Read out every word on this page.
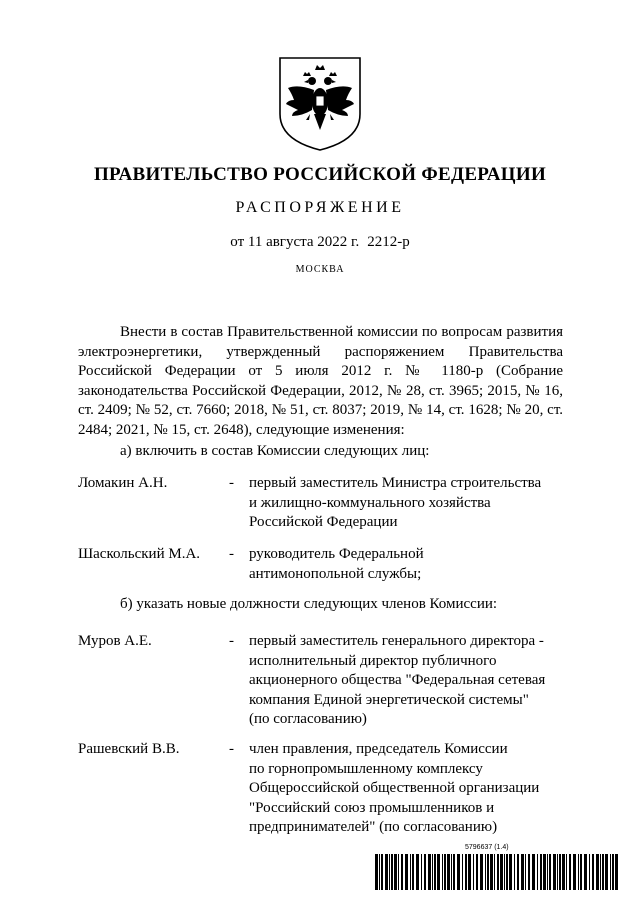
ПРАВИТЕЛЬСТВО РОССИЙСКОЙ ФЕДЕРАЦИИ
РАСПОРЯЖЕНИЕ
от 11 августа 2022 г. 2212-р
МОСКВА
Внести в состав Правительственной комиссии по вопросам развития электроэнергетики, утвержденный распоряжением Правительства Российской Федерации от 5 июля 2012 г. № 1180-р (Собрание законодательства Российской Федерации, 2012, № 28, ст. 3965; 2015, № 16, ст. 2409; № 52, ст. 7660; 2018, № 51, ст. 8037; 2019, № 14, ст. 1628; № 20, ст. 2484; 2021, № 15, ст. 2648), следующие изменения:
а) включить в состав Комиссии следующих лиц:
Ломакин А.Н.	-	первый заместитель Министра строительства
и жилищно-коммунального хозяйства
Российской Федерации
Шаскольский М.А.	-	руководитель Федеральной
антимонопольной службы;
б) указать новые должности следующих членов Комиссии:
Муров А.Е.	-	первый заместитель генерального директора -
исполнительный директор публичного
акционерного общества "Федеральная сетевая
компания Единой энергетической системы"
(по согласованию)
Рашевский В.В.	-	член правления, председатель Комиссии
по горнопромышленному комплексу
Общероссийской общественной организации
"Российский союз промышленников и
предпринимателей" (по согласованию)
5796637 (1.4)
